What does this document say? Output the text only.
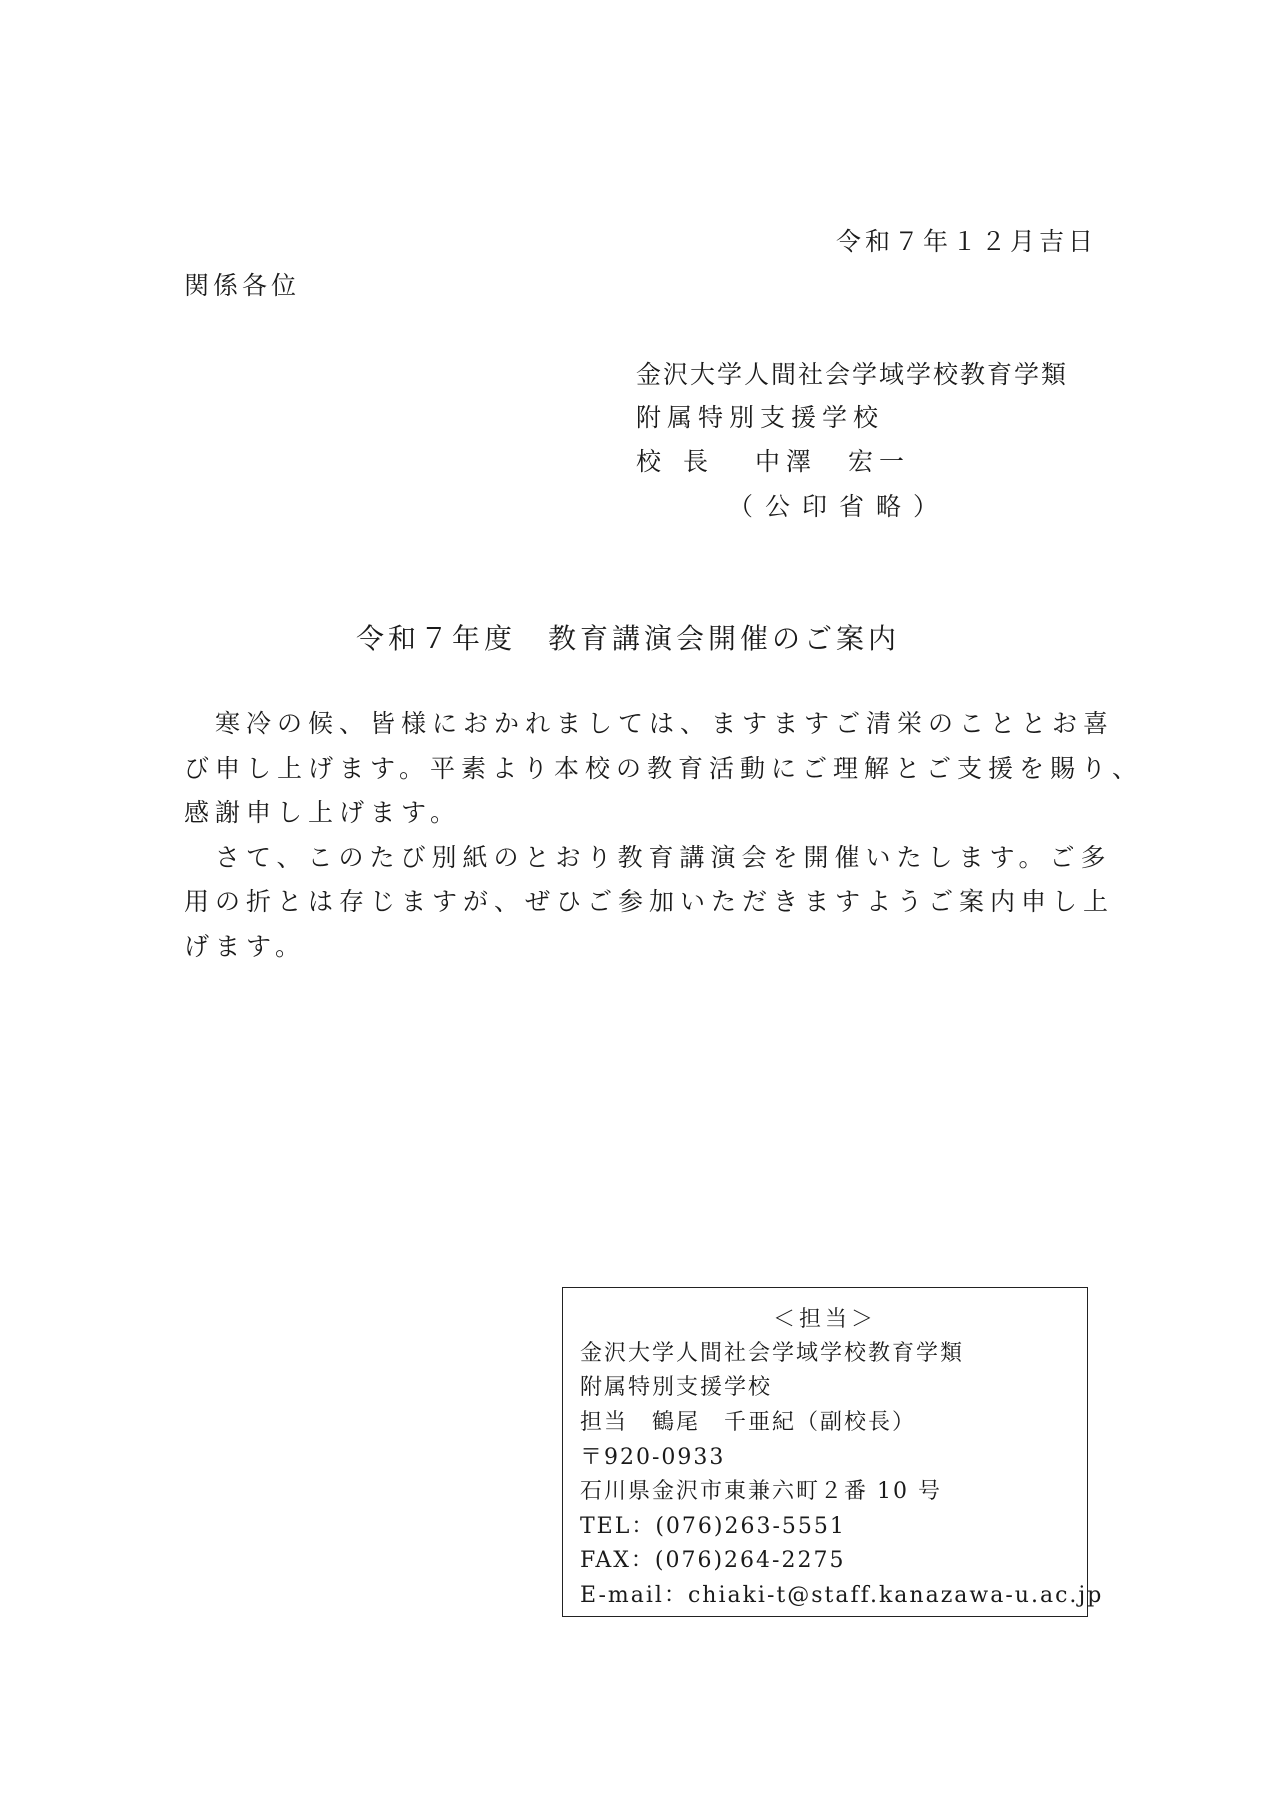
令和７年１２月吉日
関係各位
金沢大学人間社会学域学校教育学類
附属特別支援学校
校長 中澤　宏一
（公印省略）
令和７年度　教育講演会開催のご案内

　寒冷の候、皆様におかれましては、ますますご清栄のこととお喜
び申し上げます。平素より本校の教育活動にご理解とご支援を賜り、
感謝申し上げます。

　さて、このたび別紙のとおり教育講演会を開催いたします。ご多
用の折とは存じますが、ぜひご参加いただきますようご案内申し上
げます。

＜担当＞
金沢大学人間社会学域学校教育学類
附属特別支援学校
担当　鶴尾　千亜紀（副校長）
〒920-0933
石川県金沢市東兼六町２番 10 号
TEL：(076)263-5551
FAX：(076)264-2275
E-mail：chiaki-t@staff.kanazawa-u.ac.jp
